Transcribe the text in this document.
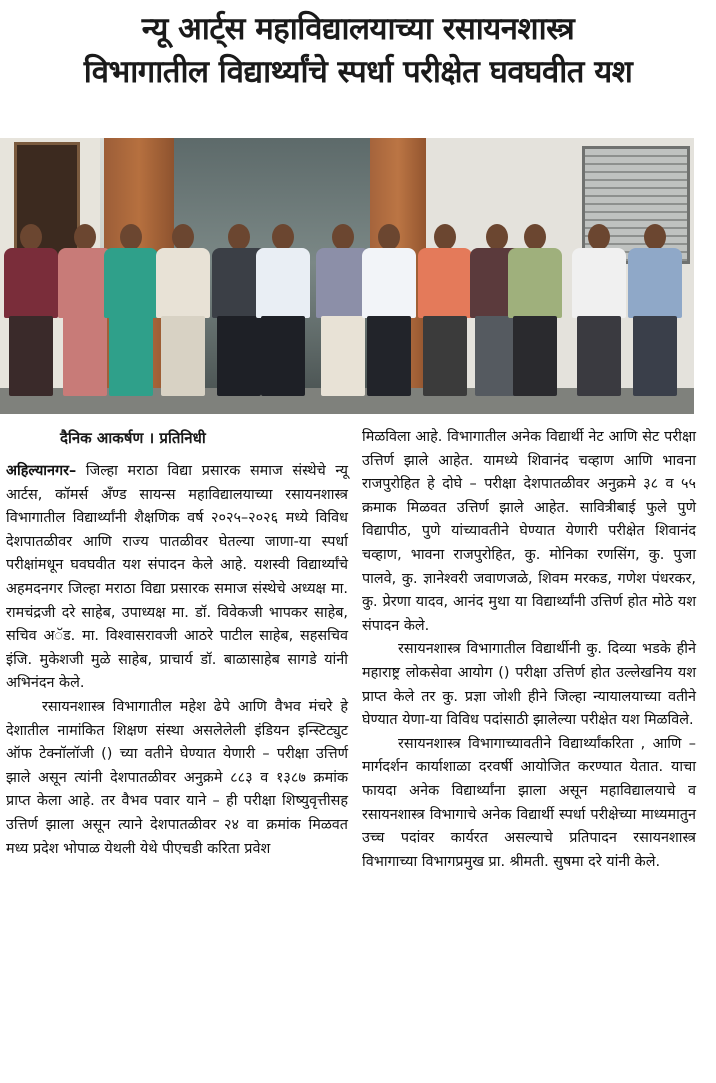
न्यू आर्ट्स महाविद्यालयाच्या रसायनशास्त्र
विभागातील विद्यार्थ्यांचे स्पर्धा परीक्षेत घवघवीत यश
दैनिक आकर्षण । प्रतिनिधी

अहिल्यानगर– जिल्हा मराठा विद्या प्रसारक समाज संस्थेचे न्यू आर्टस, कॉमर्स अँण्ड सायन्स महाविद्यालयाच्या रसायनशास्त्र विभागातील विद्यार्थ्यांनी शैक्षणिक वर्ष २०२५–२०२६ मध्ये विविध देशपातळीवर आणि राज्य पातळीवर घेतल्या जाणा-या स्पर्धा परीक्षांमधून घवघवीत यश संपादन केले आहे. यशस्वी विद्यार्थ्यांचे अहमदनगर जिल्हा मराठा विद्या प्रसारक समाज संस्थेचे अध्यक्ष मा. रामचंद्रजी दरे साहेब, उपाध्यक्ष मा. डॉ. विवेकजी भापकर साहेब, सचिव अॅड. मा. विश्वासरावजी आठरे पाटील साहेब, सहसचिव इंजि. मुकेशजी मुळे साहेब, प्राचार्य डॉ. बाळासाहेब सागडे यांनी अभिनंदन केले.

रसायनशास्त्र विभागातील महेश ढेपे आणि वैभव मंचरे हे देशातील नामांकित शिक्षण संस्था असलेलेली इंडियन इन्स्टिट्युट ऑफ टेक्नॉलॉजी () च्या वतीने घेण्यात येणारी – परीक्षा उत्तिर्ण झाले असून त्यांनी देशपातळीवर अनुक्रमे ८८३ व १३८७ क्रमांक प्राप्त केला आहे. तर वैभव पवार याने – ही परीक्षा शिष्युवृत्तीसह उत्तिर्ण झाला असून त्याने देशपातळीवर २४ वा क्रमांक मिळवत मध्य प्रदेश भोपाळ येथली येथे पीएचडी करिता प्रवेश

मिळविला आहे. विभागातील अनेक विद्यार्थी नेट आणि सेट परीक्षा उत्तिर्ण झाले आहेत. यामध्ये शिवानंद चव्हाण आणि भावना राजपुरोहित हे दोघे – परीक्षा देशपातळीवर अनुक्रमे ३८ व ५५ क्रमाक मिळवत उत्तिर्ण झाले आहेत. सावित्रीबाई फुले पुणे विद्यापीठ, पुणे यांच्यावतीने घेण्यात येणारी परीक्षेत शिवानंद चव्हाण, भावना राजपुरोहित, कु. मोनिका रणसिंग, कु. पुजा पालवे, कु. ज्ञानेश्वरी जवाणजळे, शिवम मरकड, गणेश पंधरकर, कु. प्रेरणा यादव, आनंद मुथा या विद्यार्थ्यांनी उत्तिर्ण होत मोठे यश संपादन केले.

रसायनशास्त्र विभागातील विद्यार्थीनी कु. दिव्या भडके हीने महाराष्ट्र लोकसेवा आयोग () परीक्षा उत्तिर्ण होत उल्लेखनिय यश प्राप्त केले तर कु. प्रज्ञा जोशी हीने जिल्हा न्यायालयाच्या वतीने घेण्यात येणा-या विविध पदांसाठी झालेल्या परीक्षेत यश मिळविले.

रसायनशास्त्र विभागाच्यावतीने विद्यार्थ्यांकरिता , आणि – मार्गदर्शन कार्याशाळा दरवर्षी आयोजित करण्यात येतात. याचा फायदा अनेक विद्यार्थ्यांना झाला असून महाविद्यालयाचे व रसायनशास्त्र विभागाचे अनेक विद्यार्थी स्पर्धा परीक्षेच्या माध्यमातुन उच्च पदांवर कार्यरत असल्याचे प्रतिपादन रसायनशास्त्र विभागाच्या विभागप्रमुख प्रा. श्रीमती. सुषमा दरे यांनी केले.
